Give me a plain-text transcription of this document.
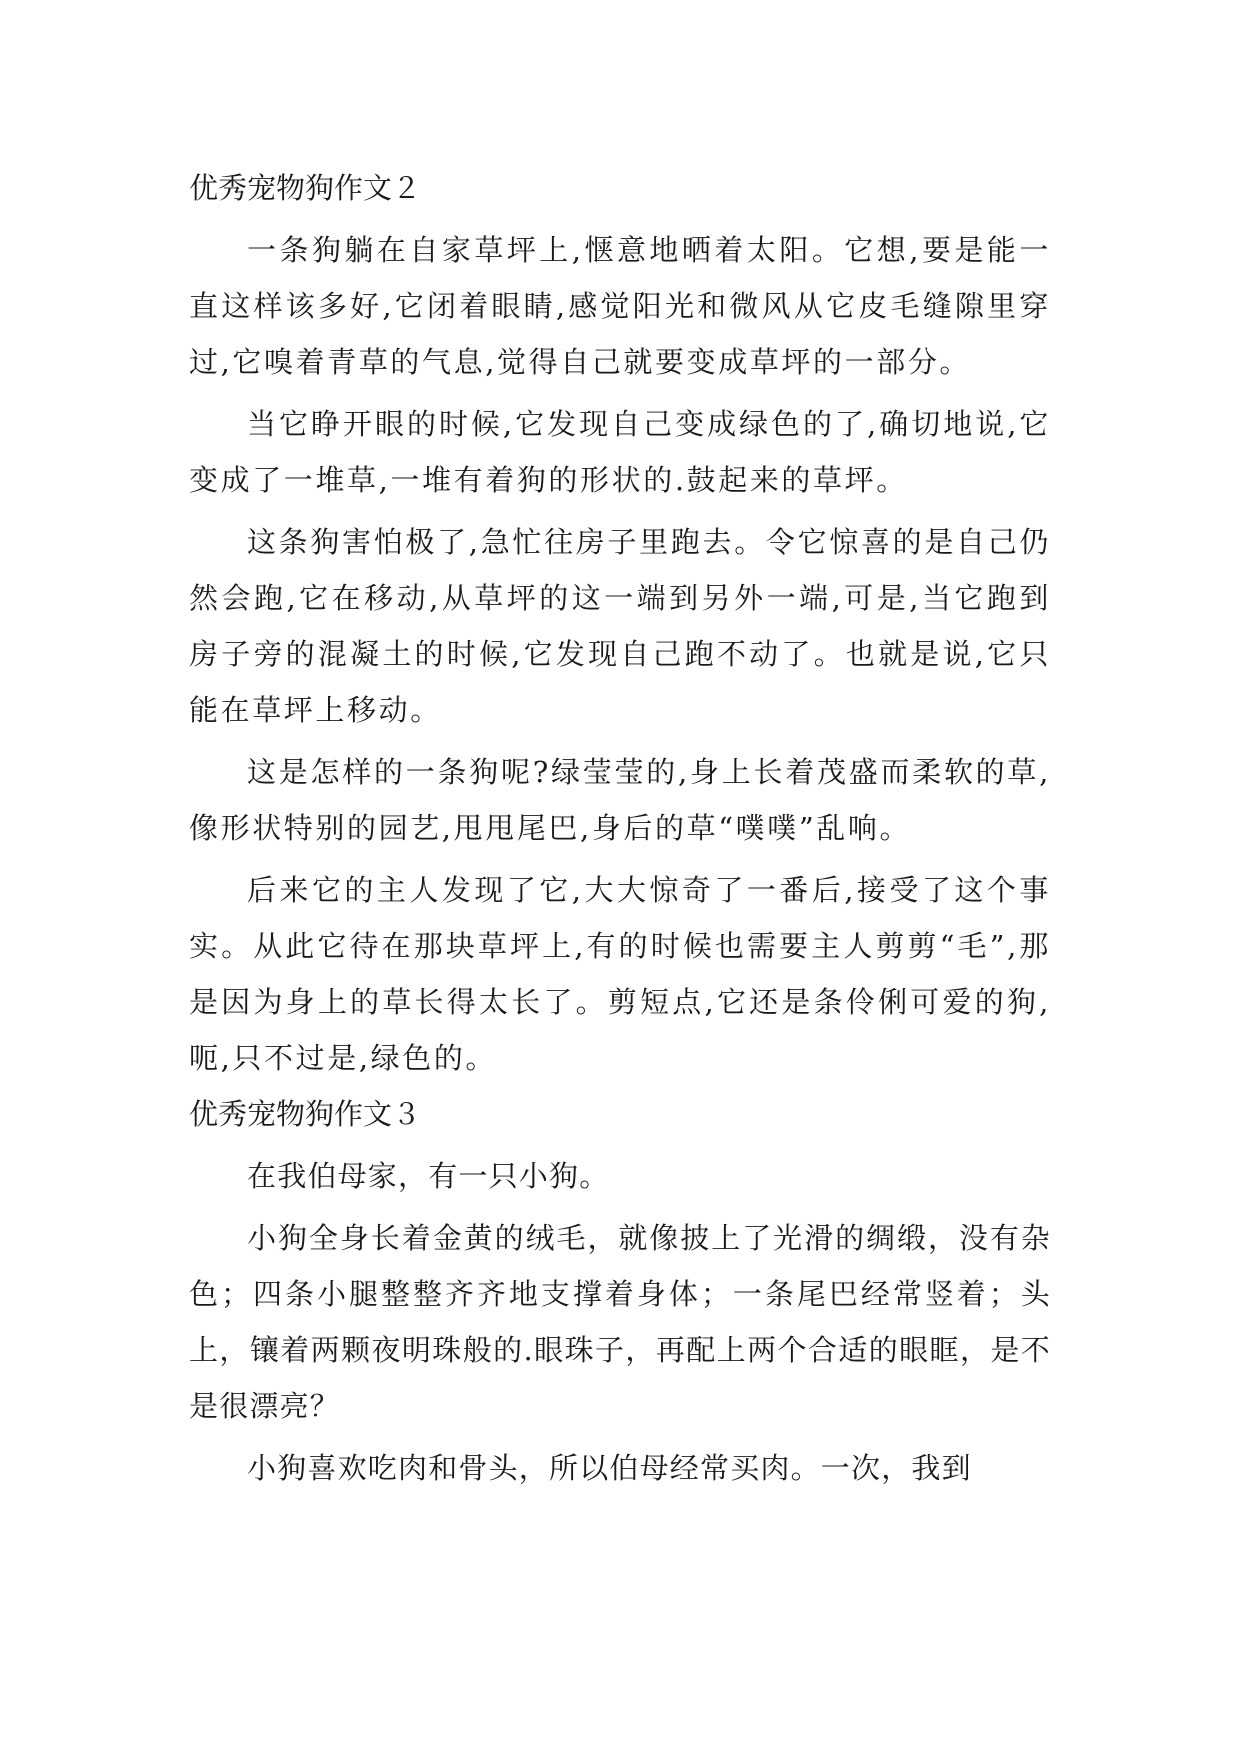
优秀宠物狗作文２

一条狗躺在自家草坪上,惬意地晒着太阳。它想,要是能一直这样该多好,它闭着眼睛,感觉阳光和微风从它皮毛缝隙里穿过,它嗅着青草的气息,觉得自己就要变成草坪的一部分。

当它睁开眼的时候,它发现自己变成绿色的了,确切地说,它变成了一堆草,一堆有着狗的形状的.鼓起来的草坪。

这条狗害怕极了,急忙往房子里跑去。令它惊喜的是自己仍然会跑,它在移动,从草坪的这一端到另外一端,可是,当它跑到房子旁的混凝土的时候,它发现自己跑不动了。也就是说,它只能在草坪上移动。

这是怎样的一条狗呢?绿莹莹的,身上长着茂盛而柔软的草,像形状特别的园艺,甩甩尾巴,身后的草“噗噗”乱响。

后来它的主人发现了它,大大惊奇了一番后,接受了这个事实。从此它待在那块草坪上,有的时候也需要主人剪剪“毛”,那是因为身上的草长得太长了。剪短点,它还是条伶俐可爱的狗,呃,只不过是,绿色的。

优秀宠物狗作文３

在我伯母家，有一只小狗。

小狗全身长着金黄的绒毛，就像披上了光滑的绸缎，没有杂色；四条小腿整整齐齐地支撑着身体；一条尾巴经常竖着；头上，镶着两颗夜明珠般的.眼珠子，再配上两个合适的眼眶，是不是很漂亮？

小狗喜欢吃肉和骨头，所以伯母经常买肉。一次，我到
